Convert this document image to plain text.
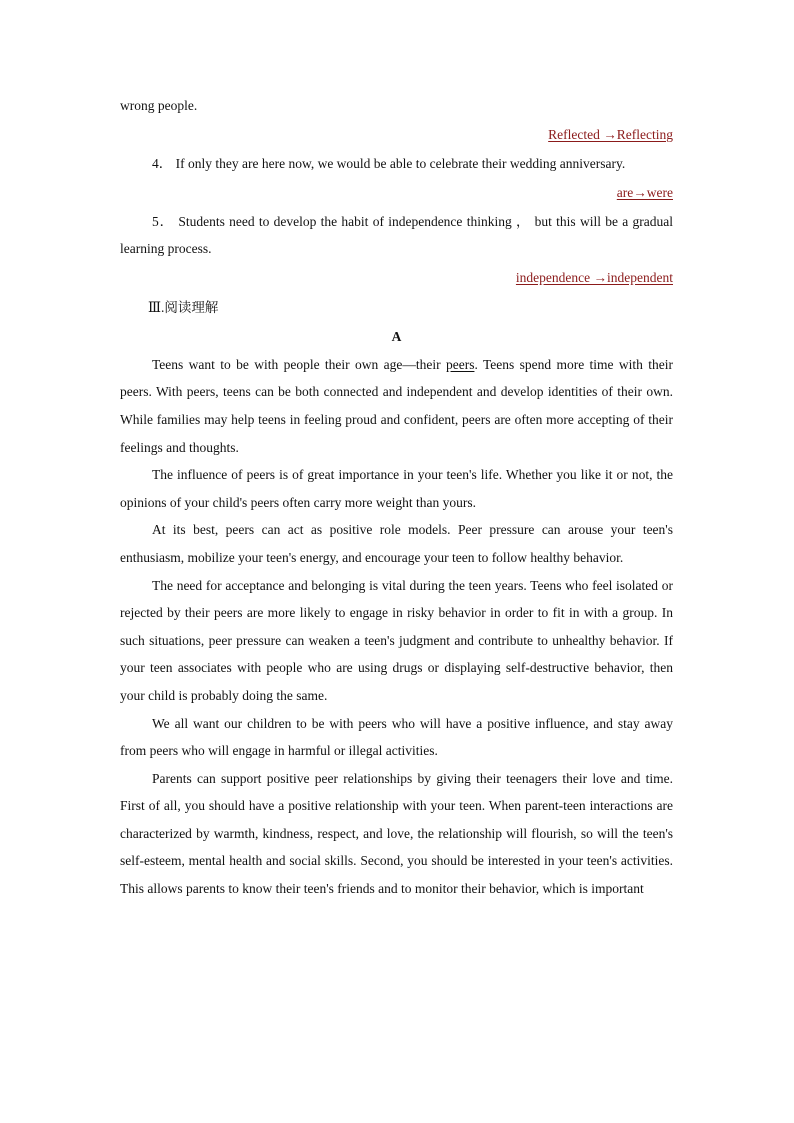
wrong people.

Reflected →Reflecting

4． If only they are here now, we would be able to celebrate their wedding anniversary.

are→were

5． Students need to develop the habit of independence thinking ， but this will be a gradual learning process.

independence →independent

Ⅲ.阅读理解

A

Teens want to be with people their own age—their peers. Teens spend more time with their peers. With peers, teens can be both connected and independent and develop identities of their own. While families may help teens in feeling proud and confident, peers are often more accepting of their feelings and thoughts.

The influence of peers is of great importance in your teen's life. Whether you like it or not, the opinions of your child's peers often carry more weight than yours.

At its best, peers can act as positive role models. Peer pressure can arouse your teen's enthusiasm, mobilize your teen's energy, and encourage your teen to follow healthy behavior.

The need for acceptance and belonging is vital during the teen years. Teens who feel isolated or rejected by their peers are more likely to engage in risky behavior in order to fit in with a group. In such situations, peer pressure can weaken a teen's judgment and contribute to unhealthy behavior. If your teen associates with people who are using drugs or displaying self-destructive behavior, then your child is probably doing the same.

We all want our children to be with peers who will have a positive influence, and stay away from peers who will engage in harmful or illegal activities.

Parents can support positive peer relationships by giving their teenagers their love and time. First of all, you should have a positive relationship with your teen. When parent-teen interactions are characterized by warmth, kindness, respect, and love, the relationship will flourish, so will the teen's self-esteem, mental health and social skills. Second, you should be interested in your teen's activities. This allows parents to know their teen's friends and to monitor their behavior, which is important
